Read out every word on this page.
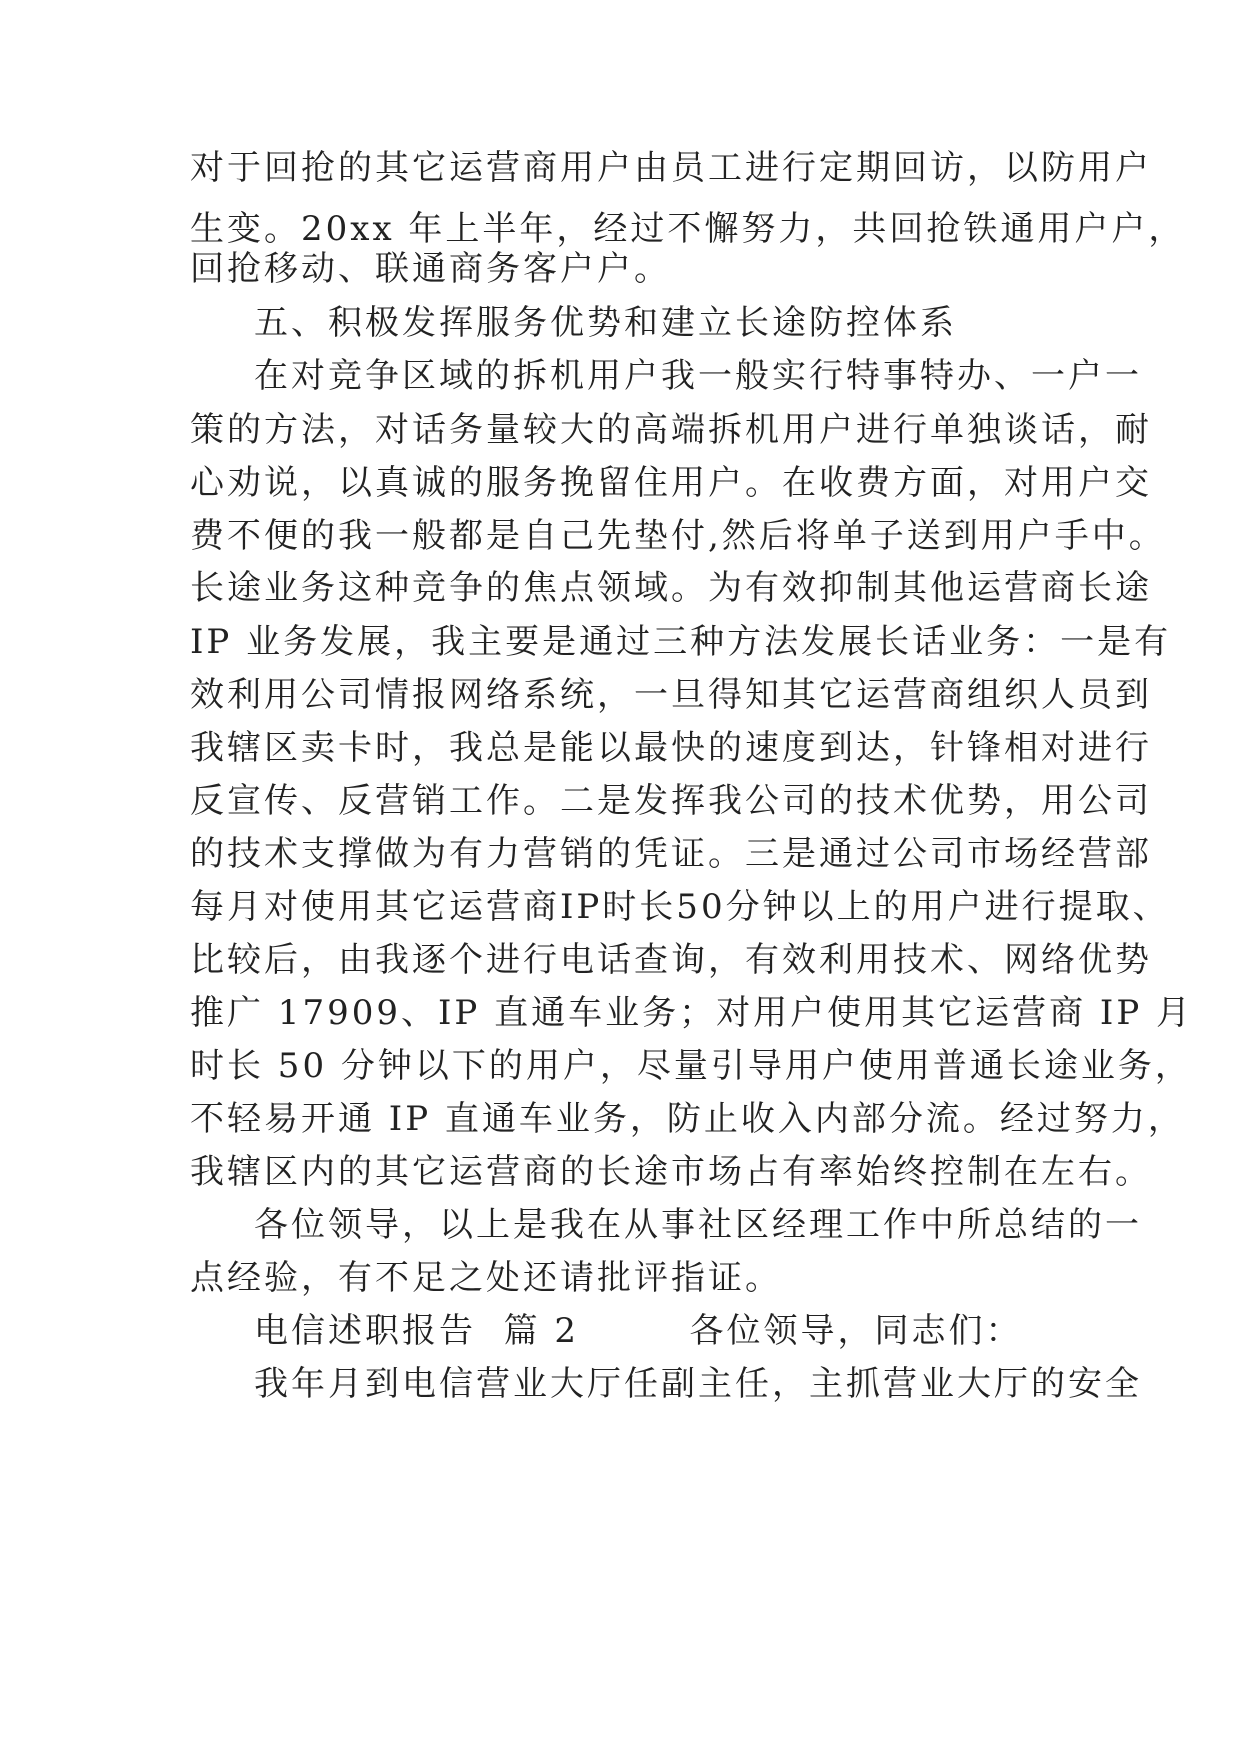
对于回抢的其它运营商用户由员工进行定期回访，以防用户
生变。20xx 年上半年，经过不懈努力，共回抢铁通用户户，
回抢移动、联通商务客户户。
五、积极发挥服务优势和建立长途防控体系
在对竞争区域的拆机用户我一般实行特事特办、一户一
策的方法，对话务量较大的高端拆机用户进行单独谈话，耐
心劝说，以真诚的服务挽留住用户。在收费方面，对用户交
费不便的我一般都是自己先垫付,然后将单子送到用户手中。
长途业务这种竞争的焦点领域。为有效抑制其他运营商长途
IP 业务发展，我主要是通过三种方法发展长话业务：一是有
效利用公司情报网络系统，一旦得知其它运营商组织人员到
我辖区卖卡时，我总是能以最快的速度到达，针锋相对进行
反宣传、反营销工作。二是发挥我公司的技术优势，用公司
的技术支撑做为有力营销的凭证。三是通过公司市场经营部
每月对使用其它运营商IP时长50分钟以上的用户进行提取、
比较后，由我逐个进行电话查询，有效利用技术、网络优势
推广 17909、IP 直通车业务；对用户使用其它运营商 IP 月
时长 50 分钟以下的用户，尽量引导用户使用普通长途业务，
不轻易开通 IP 直通车业务，防止收入内部分流。经过努力，
我辖区内的其它运营商的长途市场占有率始终控制在左右。
各位领导，以上是我在从事社区经理工作中所总结的一
点经验，有不足之处还请批评指证。
电信述职报告  篇 2        各位领导，同志们：
我年月到电信营业大厅任副主任，主抓营业大厅的安全
